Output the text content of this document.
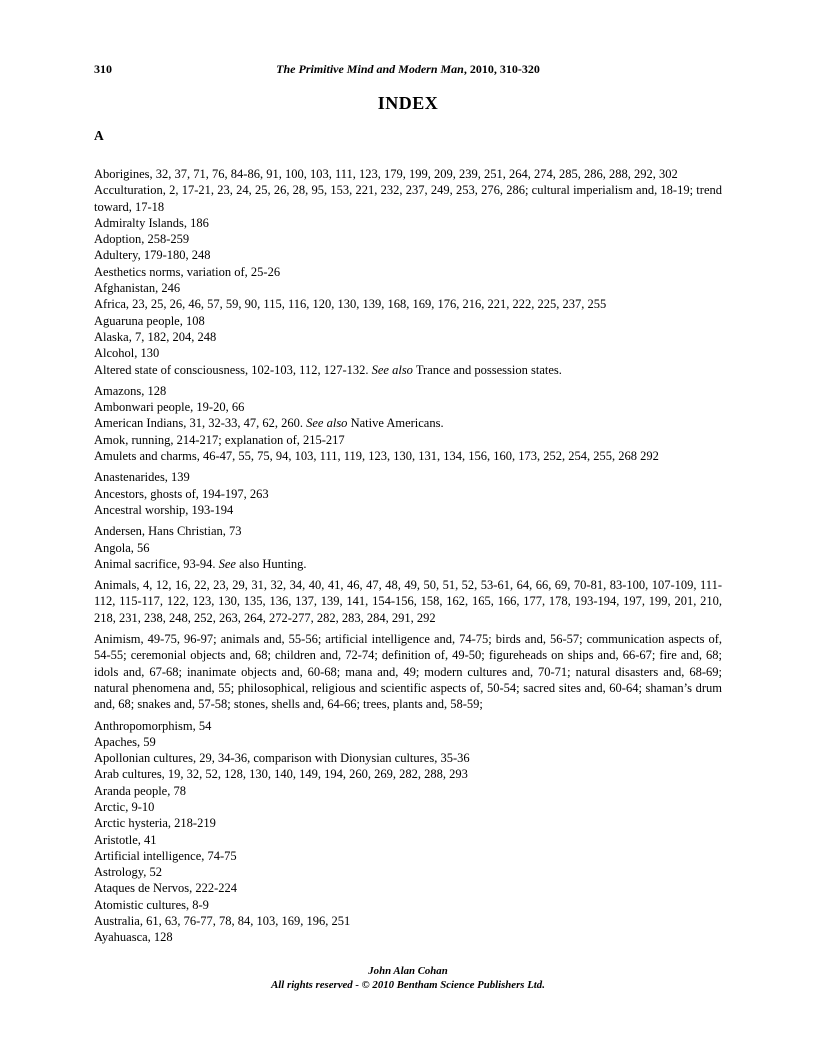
310	The Primitive Mind and Modern Man, 2010, 310-320
INDEX
A

Aborigines, 32, 37, 71, 76, 84-86, 91, 100, 103, 111, 123, 179, 199, 209, 239, 251, 264, 274, 285, 286, 288, 292, 302

Acculturation, 2, 17-21, 23, 24, 25, 26, 28, 95, 153, 221, 232, 237, 249, 253, 276, 286; cultural imperialism and, 18-19; trend toward, 17-18

Admiralty Islands, 186

Adoption, 258-259

Adultery, 179-180, 248

Aesthetics norms, variation of, 25-26

Afghanistan, 246

Africa, 23, 25, 26, 46, 57, 59, 90, 115, 116, 120, 130, 139, 168, 169, 176, 216, 221, 222, 225, 237, 255

Aguaruna people, 108

Alaska, 7, 182, 204, 248

Alcohol, 130

Altered state of consciousness, 102-103, 112, 127-132. See also Trance and possession states.

Amazons, 128

Ambonwari people, 19-20, 66

American Indians, 31, 32-33, 47, 62, 260. See also Native Americans.

Amok, running, 214-217; explanation of, 215-217

Amulets and charms, 46-47, 55, 75, 94, 103, 111, 119, 123, 130, 131, 134, 156, 160, 173, 252, 254, 255, 268 292

Anastenarides, 139

Ancestors, ghosts of, 194-197, 263

Ancestral worship, 193-194

Andersen, Hans Christian, 73

Angola, 56

Animal sacrifice, 93-94. See also Hunting.

Animals, 4, 12, 16, 22, 23, 29, 31, 32, 34, 40, 41, 46, 47, 48, 49, 50, 51, 52, 53-61, 64, 66, 69, 70-81, 83-100, 107-109, 111-112, 115-117, 122, 123, 130, 135, 136, 137, 139, 141, 154-156, 158, 162, 165, 166, 177, 178, 193-194, 197, 199, 201, 210, 218, 231, 238, 248, 252, 263, 264, 272-277, 282, 283, 284, 291, 292

Animism, 49-75, 96-97; animals and, 55-56; artificial intelligence and, 74-75; birds and, 56-57; communication aspects of, 54-55; ceremonial objects and, 68; children and, 72-74; definition of, 49-50; figureheads on ships and, 66-67; fire and, 68; idols and, 67-68; inanimate objects and, 60-68; mana and, 49; modern cultures and, 70-71; natural disasters and, 68-69; natural phenomena and, 55; philosophical, religious and scientific aspects of, 50-54; sacred sites and, 60-64; shaman’s drum and, 68; snakes and, 57-58; stones, shells and, 64-66; trees, plants and, 58-59;

Anthropomorphism, 54

Apaches, 59

Apollonian cultures, 29, 34-36, comparison with Dionysian cultures, 35-36

Arab cultures, 19, 32, 52, 128, 130, 140, 149, 194, 260, 269, 282, 288, 293

Aranda people, 78

Arctic, 9-10

Arctic hysteria, 218-219

Aristotle, 41

Artificial intelligence, 74-75

Astrology, 52

Ataques de Nervos, 222-224

Atomistic cultures, 8-9

Australia, 61, 63, 76-77, 78, 84, 103, 169, 196, 251

Ayahuasca, 128

John Alan Cohan
All rights reserved - © 2010 Bentham Science Publishers Ltd.
